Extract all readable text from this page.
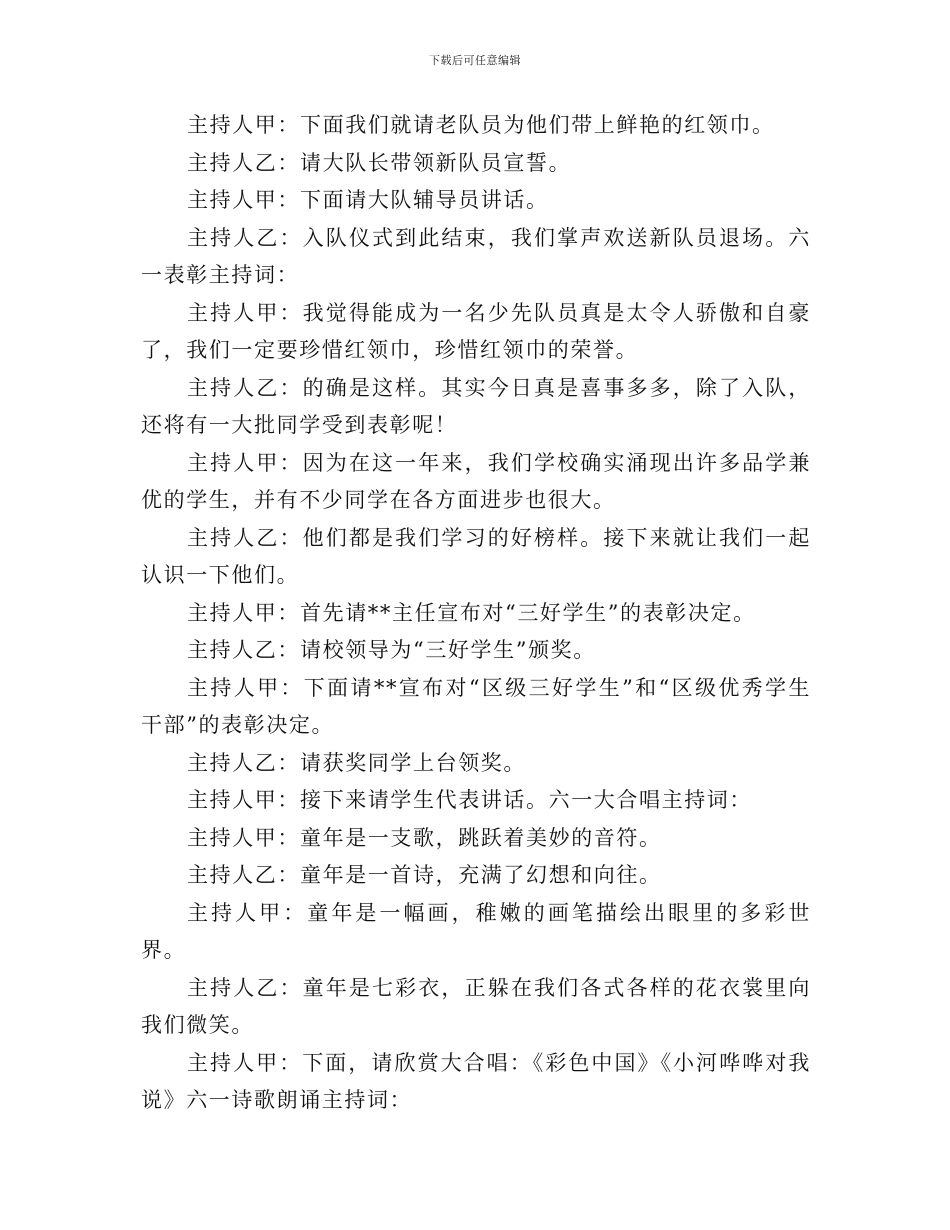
下载后可任意编辑

主持人甲：下面我们就请老队员为他们带上鲜艳的红领巾。

主持人乙：请大队长带领新队员宣誓。

主持人甲：下面请大队辅导员讲话。

主持人乙：入队仪式到此结束，我们掌声欢送新队员退场。六一表彰主持词：

主持人甲：我觉得能成为一名少先队员真是太令人骄傲和自豪了，我们一定要珍惜红领巾，珍惜红领巾的荣誉。

主持人乙：的确是这样。其实今日真是喜事多多，除了入队，还将有一大批同学受到表彰呢！

主持人甲：因为在这一年来，我们学校确实涌现出许多品学兼优的学生，并有不少同学在各方面进步也很大。

主持人乙：他们都是我们学习的好榜样。接下来就让我们一起认识一下他们。

主持人甲：首先请**主任宣布对“三好学生”的表彰决定。

主持人乙：请校领导为“三好学生”颁奖。

主持人甲：下面请**宣布对“区级三好学生”和“区级优秀学生干部”的表彰决定。

主持人乙：请获奖同学上台领奖。

主持人甲：接下来请学生代表讲话。六一大合唱主持词：

主持人甲：童年是一支歌，跳跃着美妙的音符。

主持人乙：童年是一首诗，充满了幻想和向往。

主持人甲：童年是一幅画，稚嫩的画笔描绘出眼里的多彩世界。

主持人乙：童年是七彩衣，正躲在我们各式各样的花衣裳里向我们微笑。

主持人甲：下面，请欣赏大合唱：《彩色中国》《小河哗哗对我说》六一诗歌朗诵主持词：
